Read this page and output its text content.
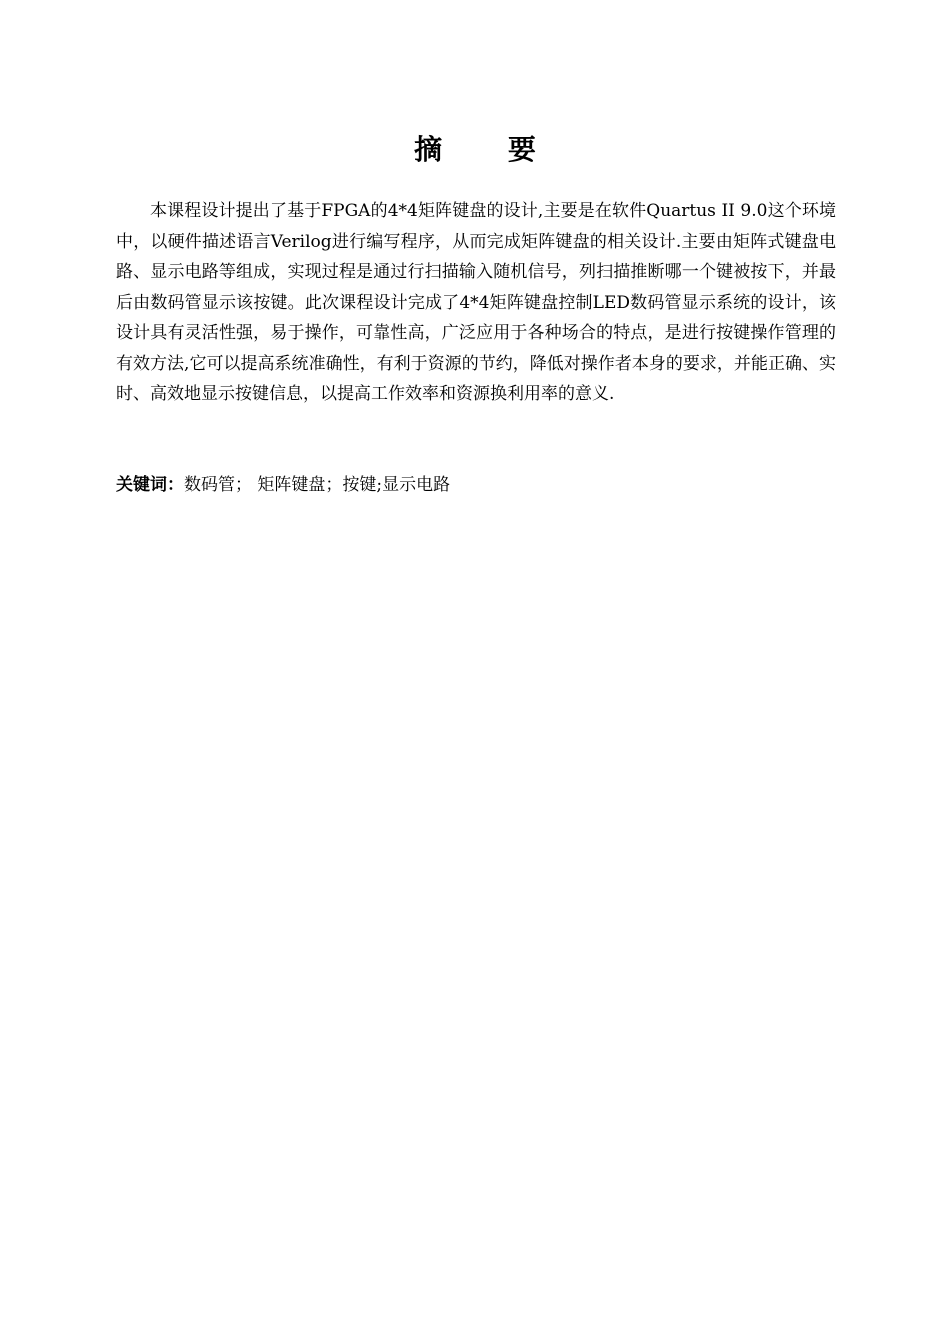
摘 要

本课程设计提出了基于FPGA的4*4矩阵键盘的设计,主要是在软件Quartus II 9.0这个环境中，以硬件描述语言Verilog进行编写程序，从而完成矩阵键盘的相关设计.主要由矩阵式键盘电路、显示电路等组成，实现过程是通过行扫描输入随机信号，列扫描推断哪一个键被按下，并最后由数码管显示该按键。此次课程设计完成了4*4矩阵键盘控制LED数码管显示系统的设计，该设计具有灵活性强，易于操作，可靠性高，广泛应用于各种场合的特点，是进行按键操作管理的有效方法,它可以提高系统准确性，有利于资源的节约，降低对操作者本身的要求，并能正确、实时、高效地显示按键信息，以提高工作效率和资源换利用率的意义.

关键词：数码管； 矩阵键盘；按键;显示电路
